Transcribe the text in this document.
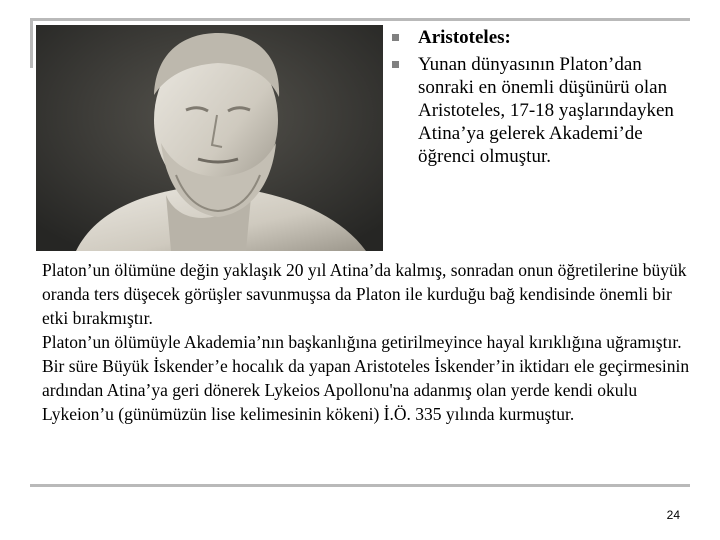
Aristoteles:
Yunan dünyasının Platon’dan sonraki en önemli düşünürü olan Aristoteles, 17-18 yaşlarındayken Atina’ya gelerek Akademi’de öğrenci olmuştur.

Platon’un ölümüne değin yaklaşık 20 yıl Atina’da kalmış, sonradan onun öğretilerine büyük oranda ters düşecek görüşler savunmuşsa da Platon ile kurduğu bağ kendisinde önemli bir etki bırakmıştır.

Platon’un ölümüyle Akademia’nın başkanlığına getirilmeyince hayal kırıklığına uğramıştır.

Bir süre Büyük İskender’e hocalık da yapan Aristoteles İskender’in iktidarı ele geçirmesinin ardından Atina’ya geri dönerek Lykeios Apollonu'na adanmış olan yerde kendi okulu Lykeion’u (günümüzün lise kelimesinin kökeni) İ.Ö. 335 yılında kurmuştur.

24
